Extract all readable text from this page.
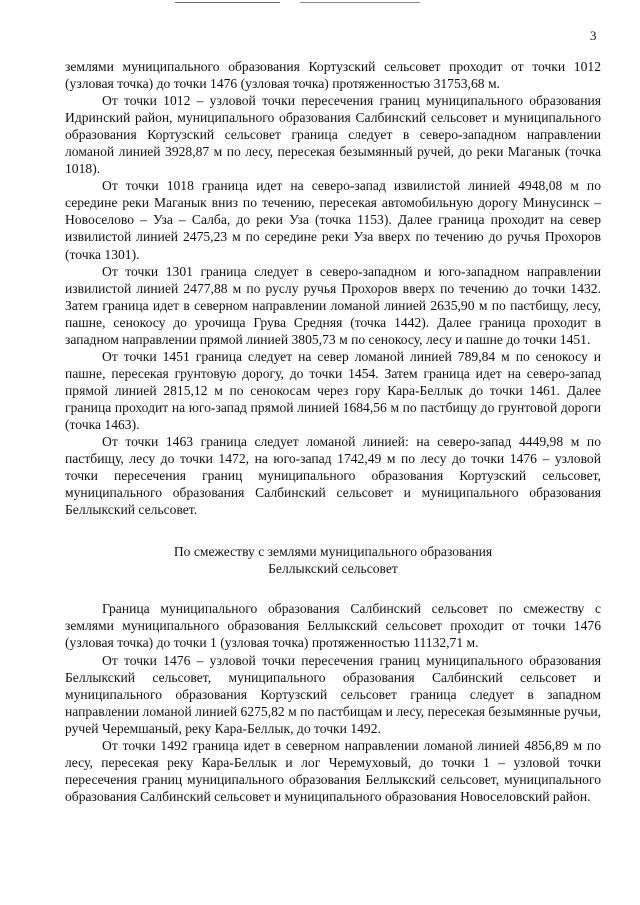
3

землями муниципального образования Кортузский сельсовет проходит от точки 1012 (узловая точка) до точки 1476 (узловая точка) протяженностью 31753,68 м.

От точки 1012 – узловой точки пересечения границ муниципального образования Идринский район, муниципального образования Салбинский сельсовет и муниципального образования Кортузский сельсовет граница следует в северо-западном направлении ломаной линией 3928,87 м по лесу, пересекая безымянный ручей, до реки Маганык (точка 1018).

От точки 1018 граница идет на северо-запад извилистой линией 4948,08 м по середине реки Маганык вниз по течению, пересекая автомобильную дорогу Минусинск – Новоселово – Уза – Салба, до реки Уза (точка 1153). Далее граница проходит на север извилистой линией 2475,23 м по середине реки Уза вверх по течению до ручья Прохоров (точка 1301).

От точки 1301 граница следует в северо-западном и юго-западном направлении извилистой линией 2477,88 м по руслу ручья Прохоров вверх по течению до точки 1432. Затем граница идет в северном направлении ломаной линией 2635,90 м по пастбищу, лесу, пашне, сенокосу до урочища Грува Средняя (точка 1442). Далее граница проходит в западном направлении прямой линией 3805,73 м по сенокосу, лесу и пашне до точки 1451.

От точки 1451 граница следует на север ломаной линией 789,84 м по сенокосу и пашне, пересекая грунтовую дорогу, до точки 1454. Затем граница идет на северо-запад прямой линией 2815,12 м по сенокосам через гору Кара-Беллык до точки 1461. Далее граница проходит на юго-запад прямой линией 1684,56 м по пастбищу до грунтовой дороги (точка 1463).

От точки 1463 граница следует ломаной линией: на северо-запад 4449,98 м по пастбищу, лесу до точки 1472, на юго-запад 1742,49 м по лесу до точки 1476 – узловой точки пересечения границ муниципального образования Кортузский сельсовет, муниципального образования Салбинский сельсовет и муниципального образования Беллыкский сельсовет.

По смежеству с землями муниципального образования
Беллыкский сельсовет

Граница муниципального образования Салбинский сельсовет по смежеству с землями муниципального образования Беллыкский сельсовет проходит от точки 1476 (узловая точка) до точки 1 (узловая точка) протяженностью 11132,71 м.

От точки 1476 – узловой точки пересечения границ муниципального образования Беллыкский сельсовет, муниципального образования Салбинский сельсовет и муниципального образования Кортузский сельсовет граница следует в западном направлении ломаной линией 6275,82 м по пастбищам и лесу, пересекая безымянные ручьи, ручей Черемшаный, реку Кара-Беллык, до точки 1492.

От точки 1492 граница идет в северном направлении ломаной линией 4856,89 м по лесу, пересекая реку Кара-Беллык и лог Черемуховый, до точки 1 – узловой точки пересечения границ муниципального образования Беллыкский сельсовет, муниципального образования Салбинский сельсовет и муниципального образования Новоселовский район.
